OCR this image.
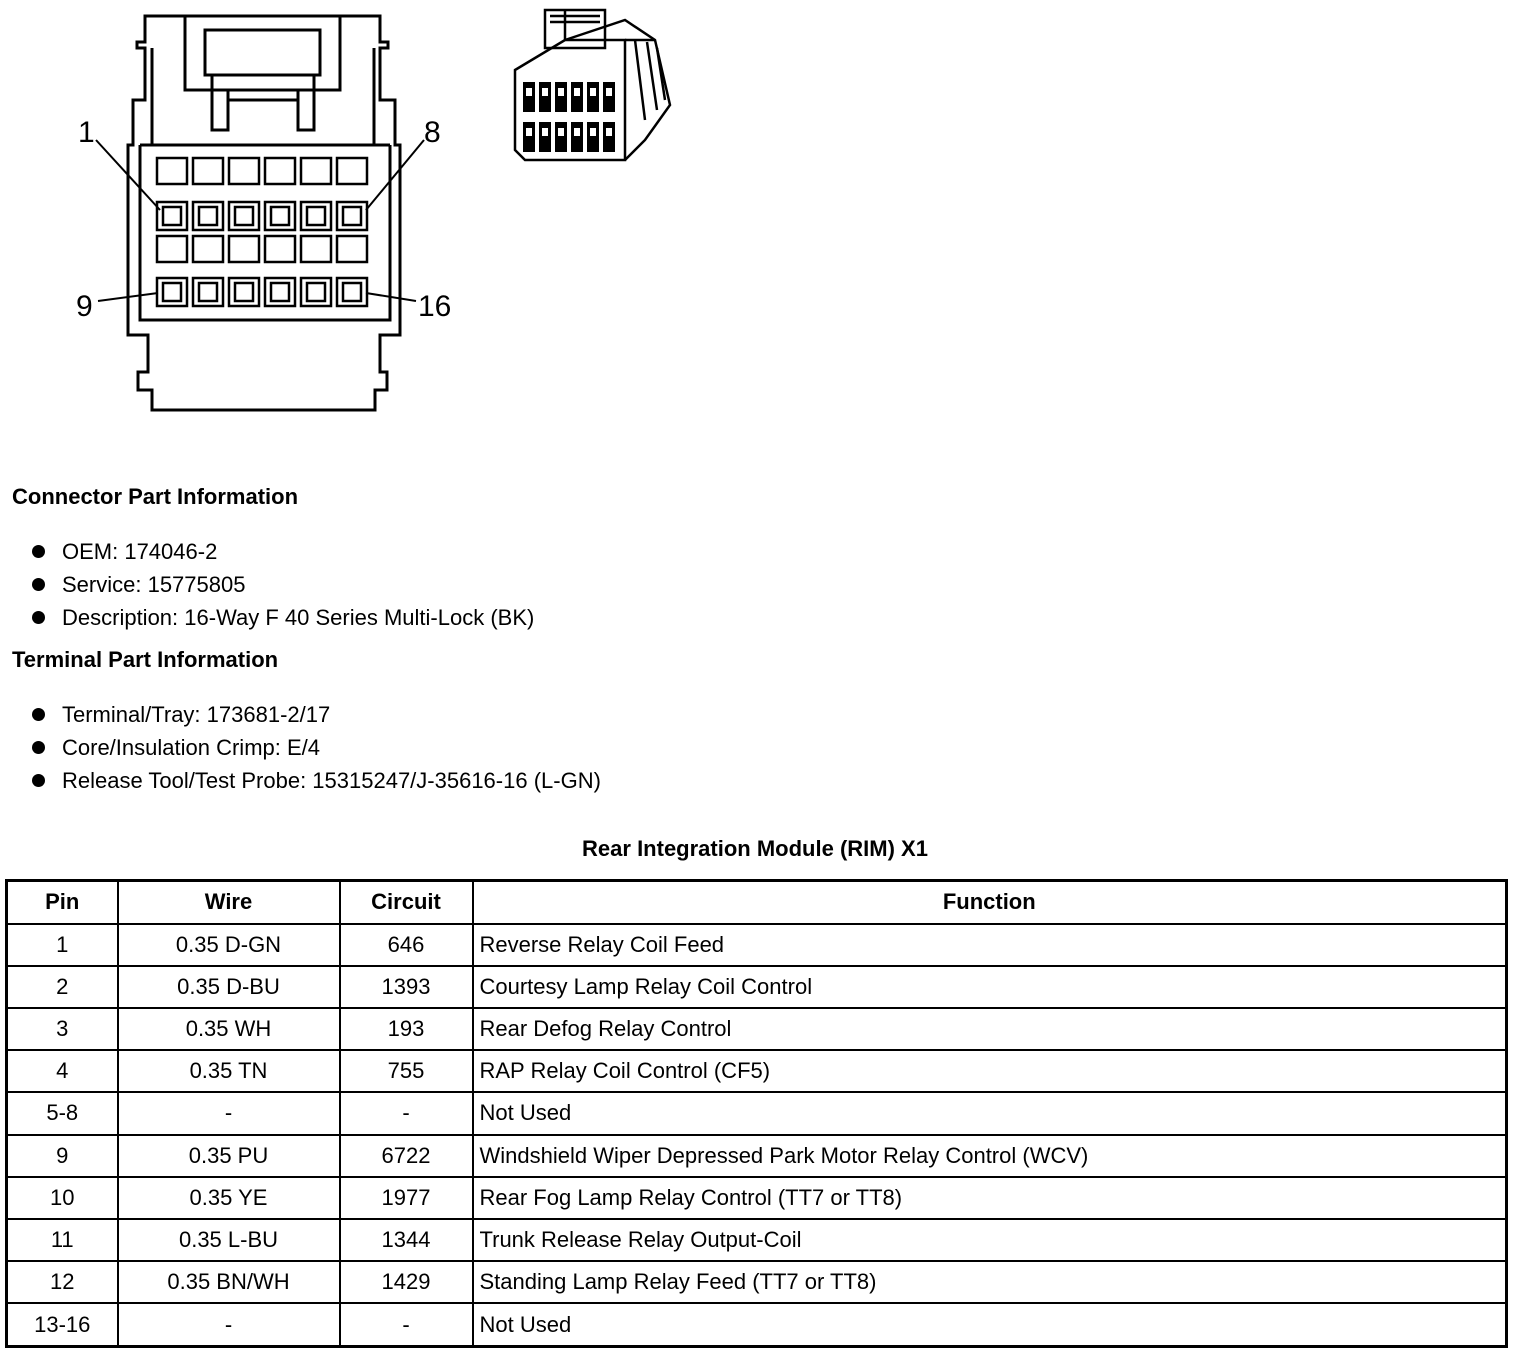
1	8
9	16
Connector Part Information
OEM: 174046-2
Service: 15775805
Description: 16-Way F 40 Series Multi-Lock (BK)
Terminal Part Information
Terminal/Tray: 173681-2/17
Core/Insulation Crimp: E/4
Release Tool/Test Probe: 15315247/J-35616-16 (L-GN)
Rear Integration Module (RIM) X1
Pin	Wire	Circuit	Function
1	0.35 D-GN	646	Reverse Relay Coil Feed
2	0.35 D-BU	1393	Courtesy Lamp Relay Coil Control
3	0.35 WH	193	Rear Defog Relay Control
4	0.35 TN	755	RAP Relay Coil Control (CF5)
5-8	-	-	Not Used
9	0.35 PU	6722	Windshield Wiper Depressed Park Motor Relay Control (WCV)
10	0.35 YE	1977	Rear Fog Lamp Relay Control (TT7 or TT8)
11	0.35 L-BU	1344	Trunk Release Relay Output-Coil
12	0.35 BN/WH	1429	Standing Lamp Relay Feed (TT7 or TT8)
13-16	-	-	Not Used
